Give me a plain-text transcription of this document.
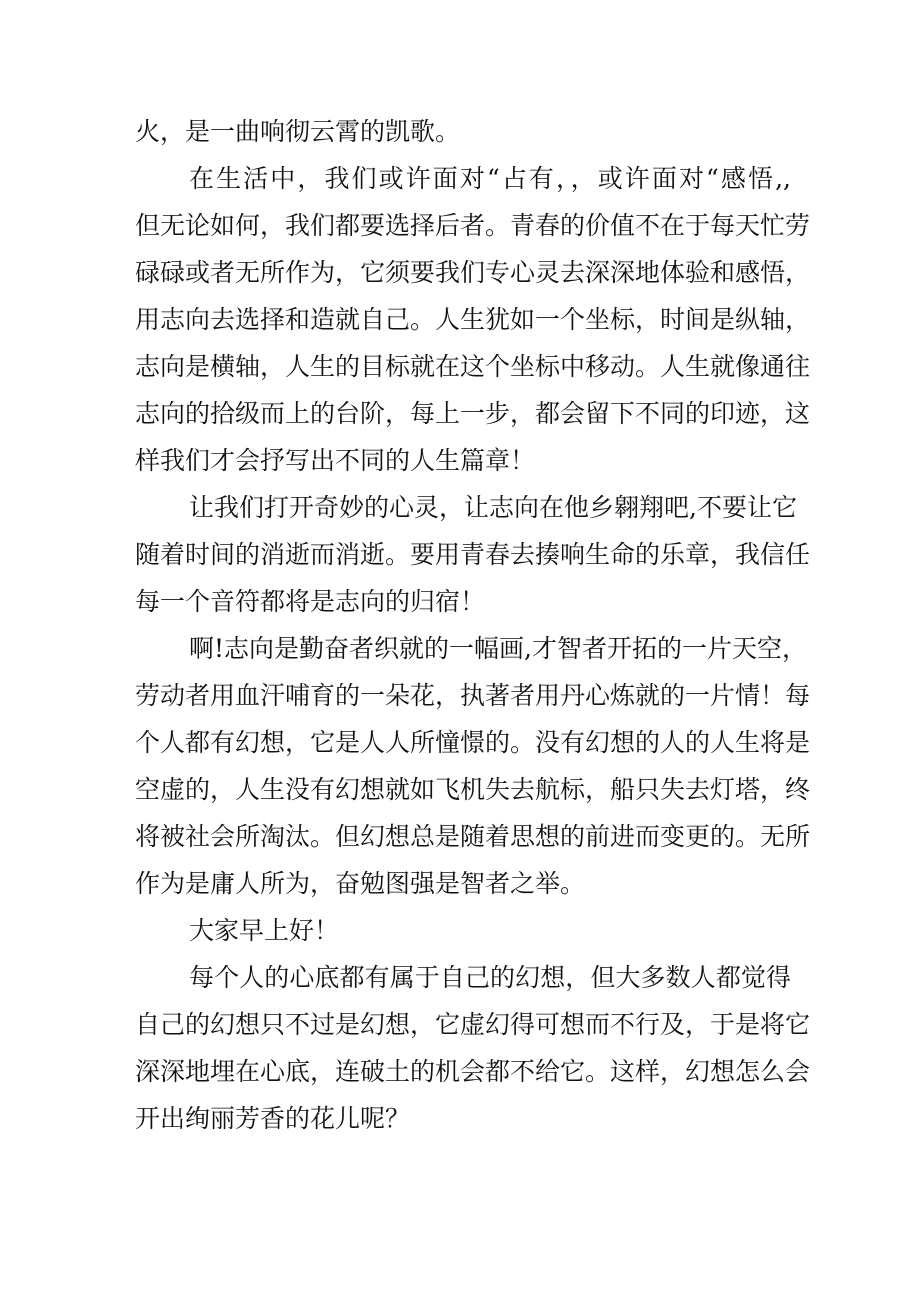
火，是一曲响彻云霄的凯歌。
在生活中，我们或许面对“占有，，或许面对“感悟,,
但无论如何，我们都要选择后者。青春的价值不在于每天忙劳
碌碌或者无所作为，它须要我们专心灵去深深地体验和感悟，
用志向去选择和造就自己。人生犹如一个坐标，时间是纵轴，
志向是横轴，人生的目标就在这个坐标中移动。人生就像通往
志向的拾级而上的台阶，每上一步，都会留下不同的印迹，这
样我们才会抒写出不同的人生篇章！
让我们打开奇妙的心灵，让志向在他乡翱翔吧,不要让它
随着时间的消逝而消逝。要用青春去揍响生命的乐章，我信任
每一个音符都将是志向的归宿！
啊!志向是勤奋者织就的一幅画,才智者开拓的一片天空，
劳动者用血汗哺育的一朵花，执著者用丹心炼就的一片情！每
个人都有幻想，它是人人所憧憬的。没有幻想的人的人生将是
空虚的，人生没有幻想就如飞机失去航标，船只失去灯塔，终
将被社会所淘汰。但幻想总是随着思想的前进而变更的。无所
作为是庸人所为，奋勉图强是智者之举。
大家早上好！
每个人的心底都有属于自己的幻想，但大多数人都觉得
自己的幻想只不过是幻想，它虚幻得可想而不行及，于是将它
深深地埋在心底，连破土的机会都不给它。这样，幻想怎么会
开出绚丽芳香的花儿呢？
